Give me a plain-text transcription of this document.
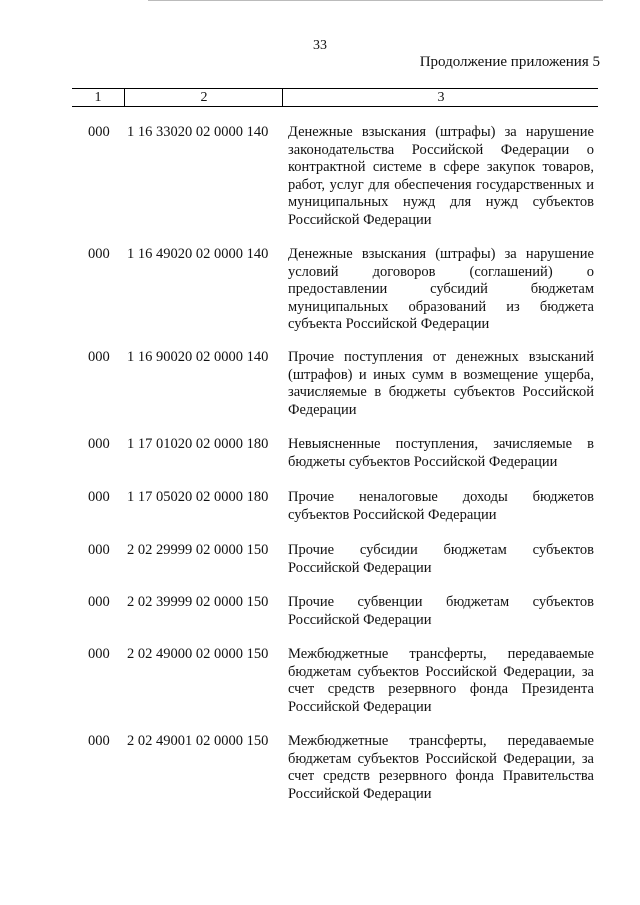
33
Продолжение приложения 5
1	2	3
000 1 16 33020 02 0000 140 Денежные взыскания (штрафы) за нарушение законодательства Российской Федерации о контрактной системе в сфере закупок товаров, работ, услуг для обеспечения государственных и муниципальных нужд для нужд субъектов Российской Федерации
000 1 16 49020 02 0000 140 Денежные взыскания (штрафы) за нарушение условий договоров (соглашений) о предоставлении субсидий бюджетам муниципальных образований из бюджета субъекта Российской Федерации
000 1 16 90020 02 0000 140 Прочие поступления от денежных взысканий (штрафов) и иных сумм в возмещение ущерба, зачисляемые в бюджеты субъектов Российской Федерации
000 1 17 01020 02 0000 180 Невыясненные поступления, зачисляемые в бюджеты субъектов Российской Федерации
000 1 17 05020 02 0000 180 Прочие неналоговые доходы бюджетов субъектов Российской Федерации
000 2 02 29999 02 0000 150 Прочие субсидии бюджетам субъектов Российской Федерации
000 2 02 39999 02 0000 150 Прочие субвенции бюджетам субъектов Российской Федерации
000 2 02 49000 02 0000 150 Межбюджетные трансферты, передаваемые бюджетам субъектов Российской Федерации, за счет средств резервного фонда Президента Российской Федерации
000 2 02 49001 02 0000 150 Межбюджетные трансферты, передаваемые бюджетам субъектов Российской Федерации, за счет средств резервного фонда Правительства Российской Федерации
